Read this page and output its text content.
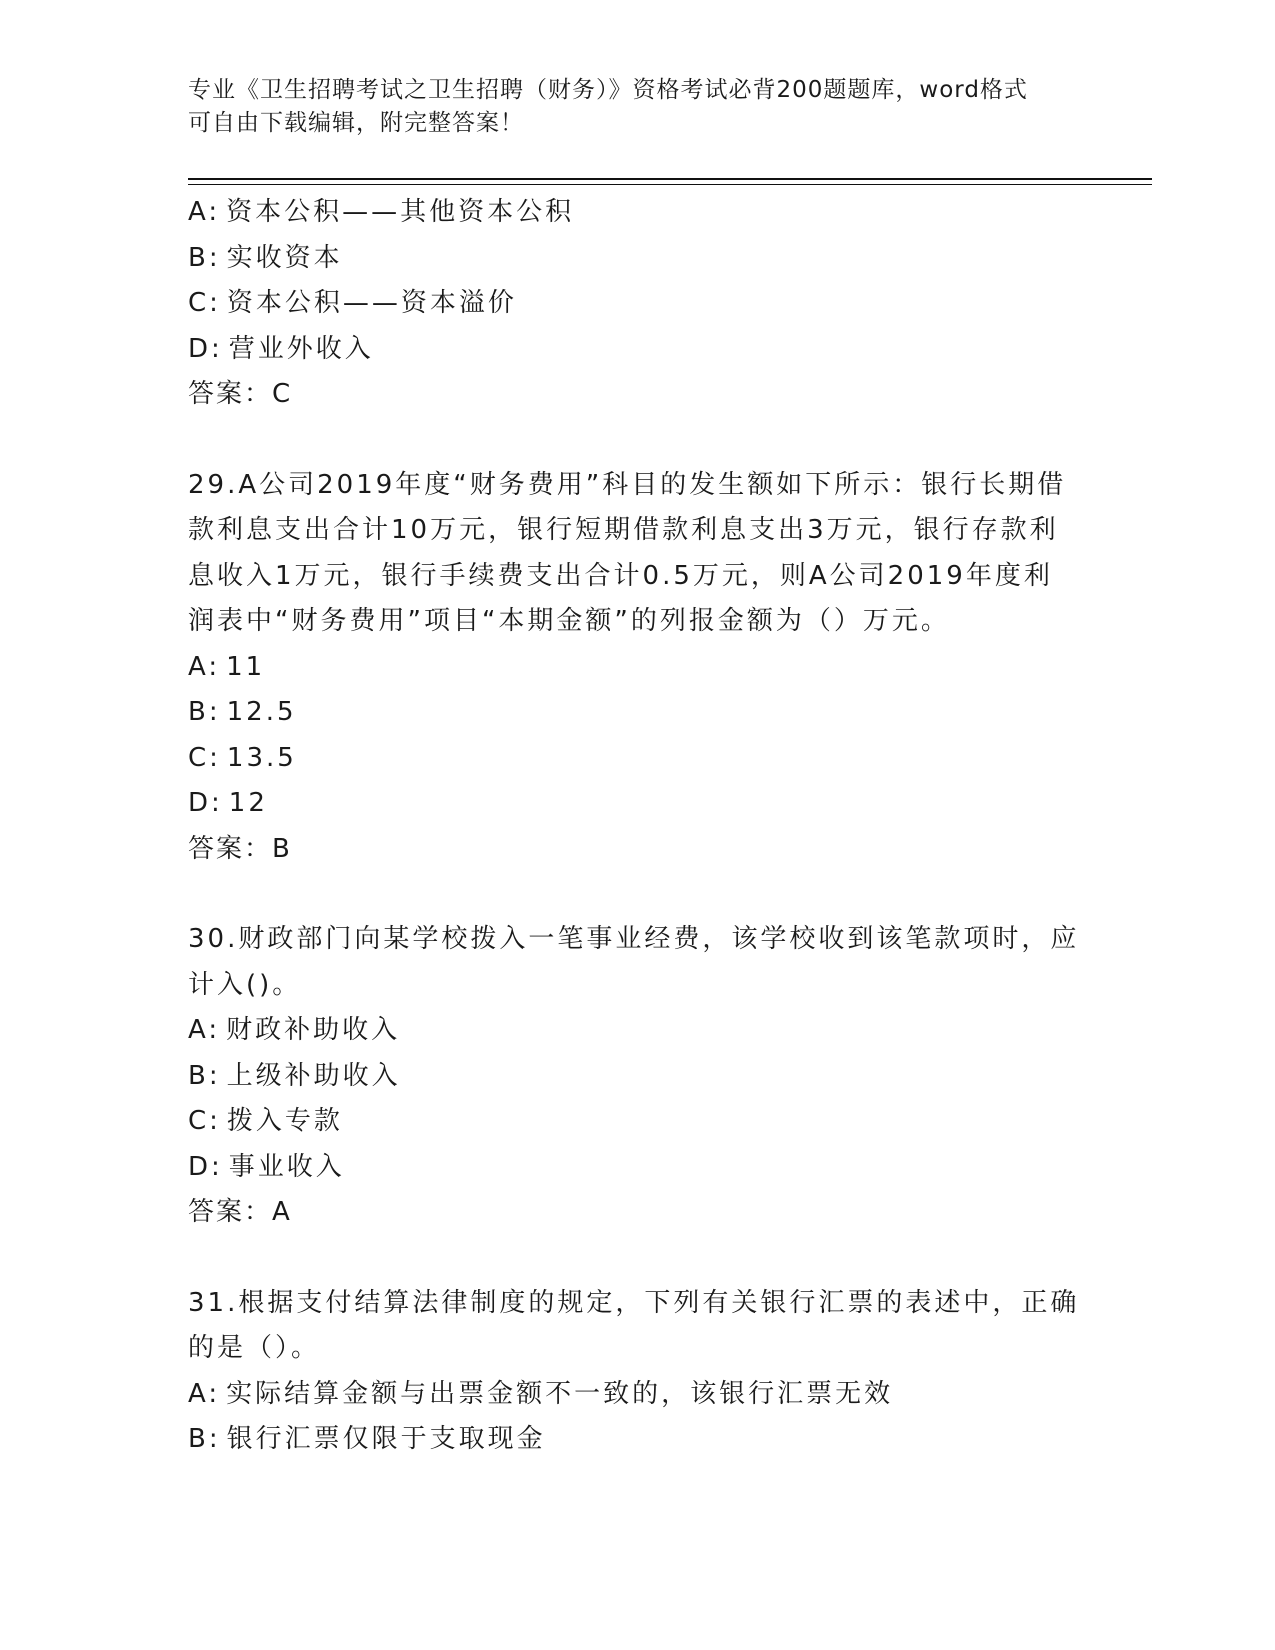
专业《卫生招聘考试之卫生招聘（财务）》资格考试必背200题题库，word格式
可自由下载编辑，附完整答案！
A: 资本公积——其他资本公积
B: 实收资本
C: 资本公积——资本溢价
D: 营业外收入
答案：C
29.A公司2019年度“财务费用”科目的发生额如下所示：银行长期借
款利息支出合计10万元，银行短期借款利息支出3万元，银行存款利
息收入1万元，银行手续费支出合计0.5万元，则A公司2019年度利
润表中“财务费用”项目“本期金额”的列报金额为（）万元。
A: 11
B: 12.5
C: 13.5
D: 12
答案：B
30.财政部门向某学校拨入一笔事业经费，该学校收到该笔款项时，应
计入()。
A: 财政补助收入
B: 上级补助收入
C: 拨入专款
D: 事业收入
答案：A
31.根据支付结算法律制度的规定，下列有关银行汇票的表述中，正确
的是（）。
A: 实际结算金额与出票金额不一致的，该银行汇票无效
B: 银行汇票仅限于支取现金
